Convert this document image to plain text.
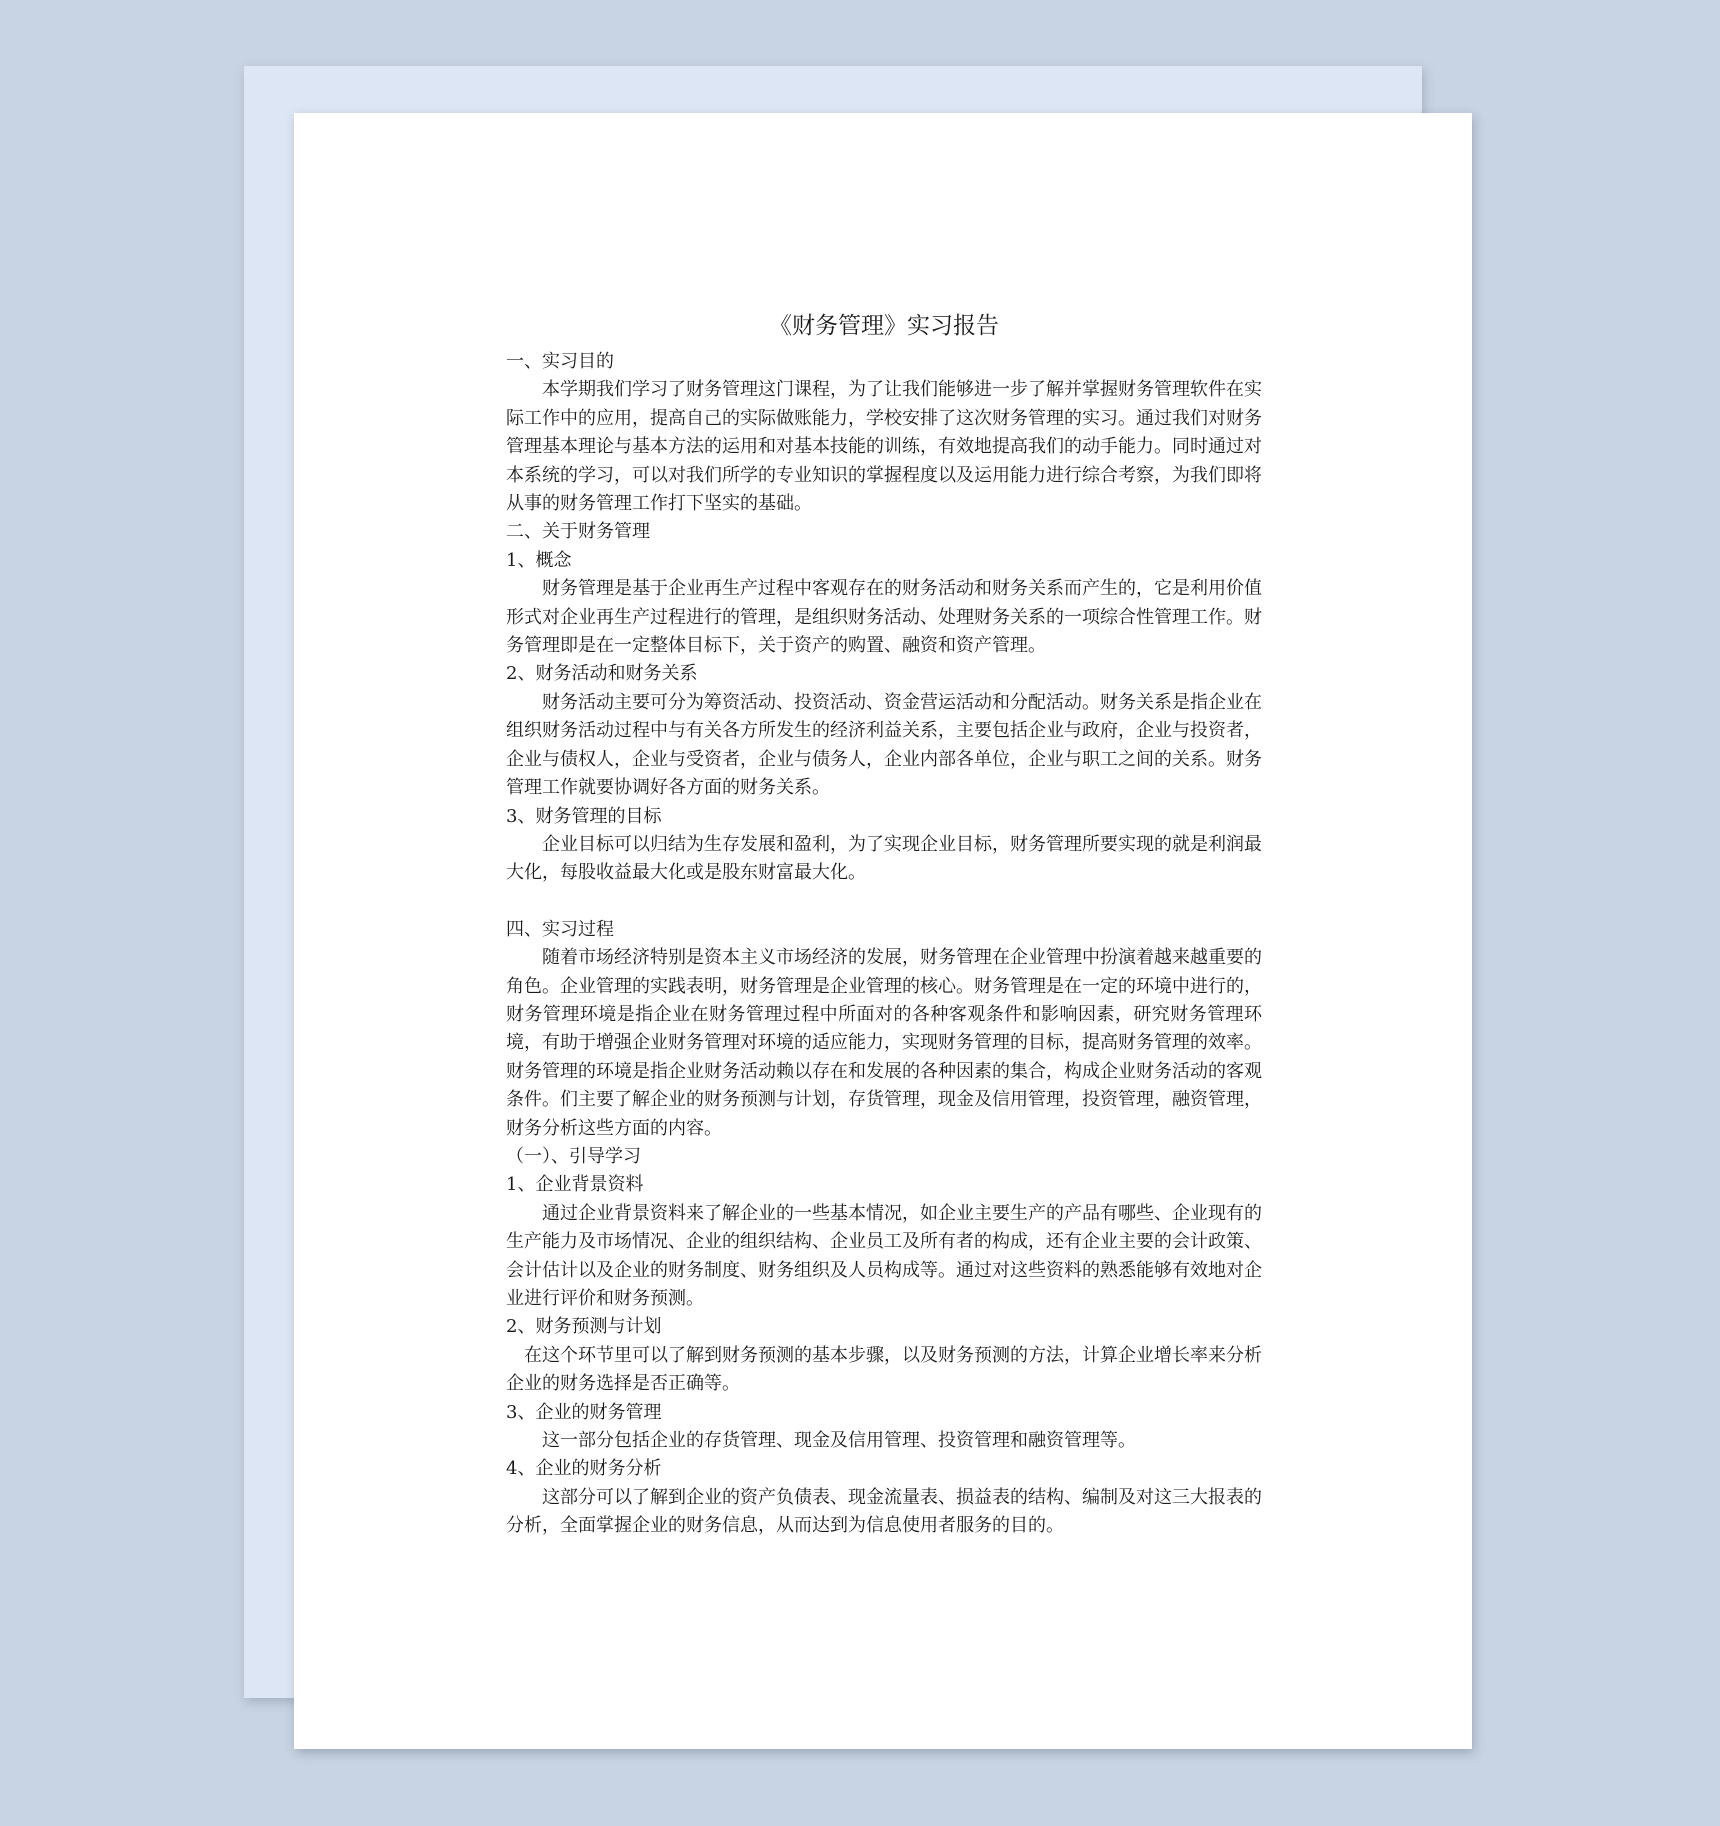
《财务管理》实习报告

一、实习目的

本学期我们学习了财务管理这门课程，为了让我们能够进一步了解并掌握财务管理软件在实际工作中的应用，提高自己的实际做账能力，学校安排了这次财务管理的实习。通过我们对财务管理基本理论与基本方法的运用和对基本技能的训练，有效地提高我们的动手能力。同时通过对本系统的学习，可以对我们所学的专业知识的掌握程度以及运用能力进行综合考察，为我们即将从事的财务管理工作打下坚实的基础。

二、关于财务管理

1、概念

财务管理是基于企业再生产过程中客观存在的财务活动和财务关系而产生的，它是利用价值形式对企业再生产过程进行的管理，是组织财务活动、处理财务关系的一项综合性管理工作。财务管理即是在一定整体目标下，关于资产的购置、融资和资产管理。

2、财务活动和财务关系

财务活动主要可分为筹资活动、投资活动、资金营运活动和分配活动。财务关系是指企业在组织财务活动过程中与有关各方所发生的经济利益关系，主要包括企业与政府，企业与投资者，企业与债权人，企业与受资者，企业与债务人，企业内部各单位，企业与职工之间的关系。财务管理工作就要协调好各方面的财务关系。

3、财务管理的目标

企业目标可以归结为生存发展和盈利，为了实现企业目标，财务管理所要实现的就是利润最大化，每股收益最大化或是股东财富最大化。

四、实习过程

随着市场经济特别是资本主义市场经济的发展，财务管理在企业管理中扮演着越来越重要的角色。企业管理的实践表明，财务管理是企业管理的核心。财务管理是在一定的环境中进行的，财务管理环境是指企业在财务管理过程中所面对的各种客观条件和影响因素，研究财务管理环境，有助于增强企业财务管理对环境的适应能力，实现财务管理的目标，提高财务管理的效率。财务管理的环境是指企业财务活动赖以存在和发展的各种因素的集合，构成企业财务活动的客观条件。们主要了解企业的财务预测与计划，存货管理，现金及信用管理，投资管理，融资管理，财务分析这些方面的内容。

（一）、引导学习

1、企业背景资料

通过企业背景资料来了解企业的一些基本情况，如企业主要生产的产品有哪些、企业现有的生产能力及市场情况、企业的组织结构、企业员工及所有者的构成，还有企业主要的会计政策、会计估计以及企业的财务制度、财务组织及人员构成等。通过对这些资料的熟悉能够有效地对企业进行评价和财务预测。

2、财务预测与计划

在这个环节里可以了解到财务预测的基本步骤，以及财务预测的方法，计算企业增长率来分析企业的财务选择是否正确等。

3、企业的财务管理

这一部分包括企业的存货管理、现金及信用管理、投资管理和融资管理等。

4、企业的财务分析

这部分可以了解到企业的资产负债表、现金流量表、损益表的结构、编制及对这三大报表的分析，全面掌握企业的财务信息，从而达到为信息使用者服务的目的。
